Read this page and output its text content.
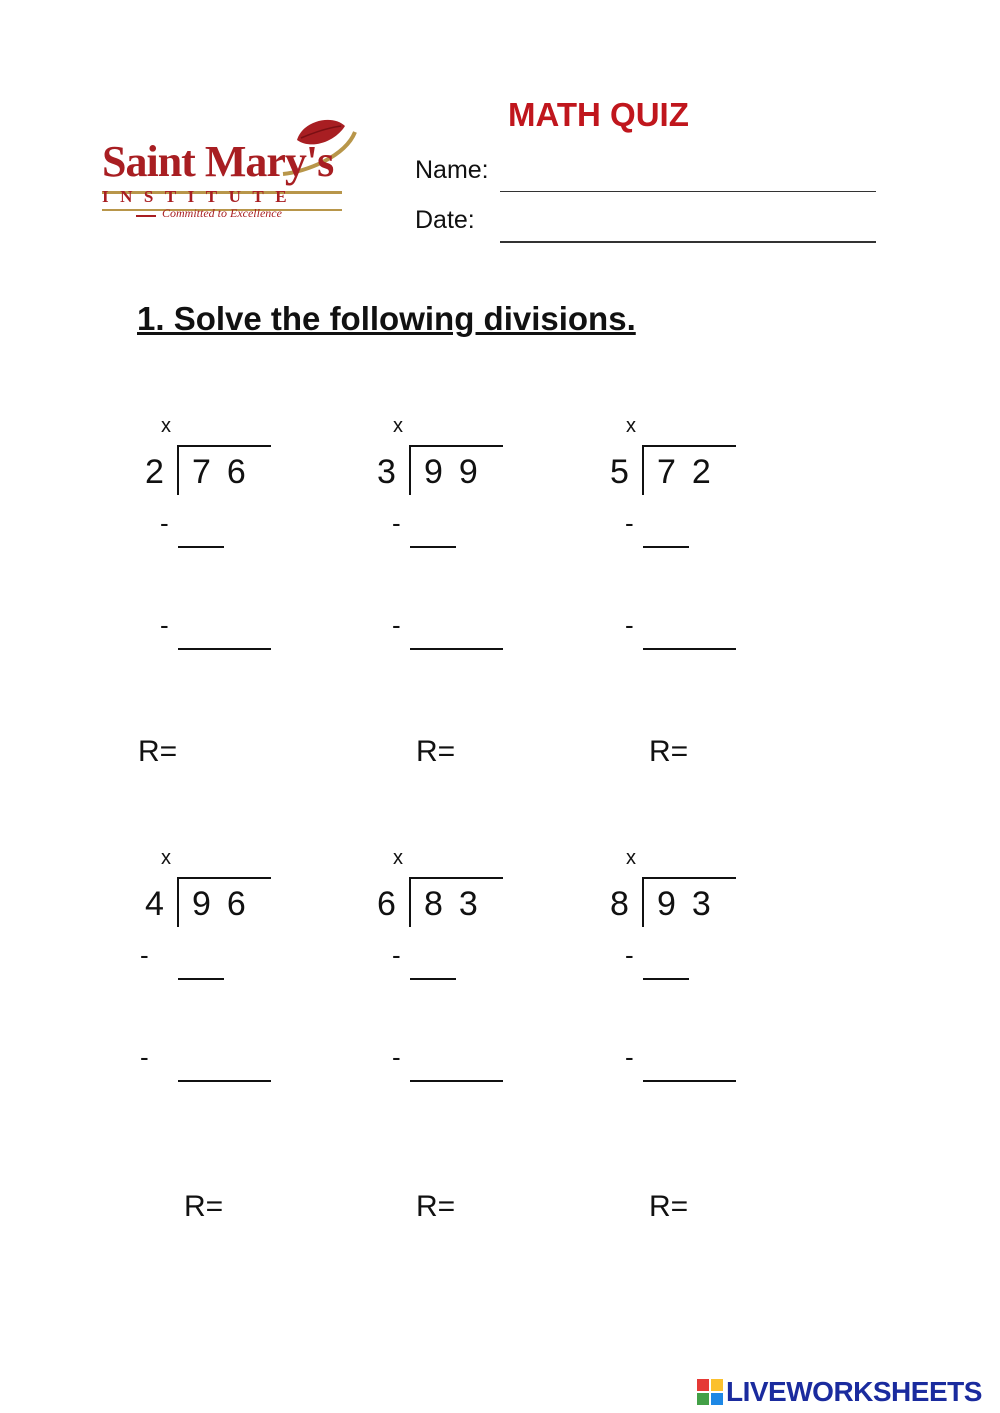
Saint Mary's
INSTITUTE
Committed to Excellence
MATH QUIZ
Name:
Date:
1. Solve the following divisions.
x
2 76
-
-
R=
x
3 99
-
-
R=
x
5 72
-
-
R=
x
4 96
-
-
R=
x
6 83
-
-
R=
x
8 93
-
-
R=
LIVEWORKSHEETS
